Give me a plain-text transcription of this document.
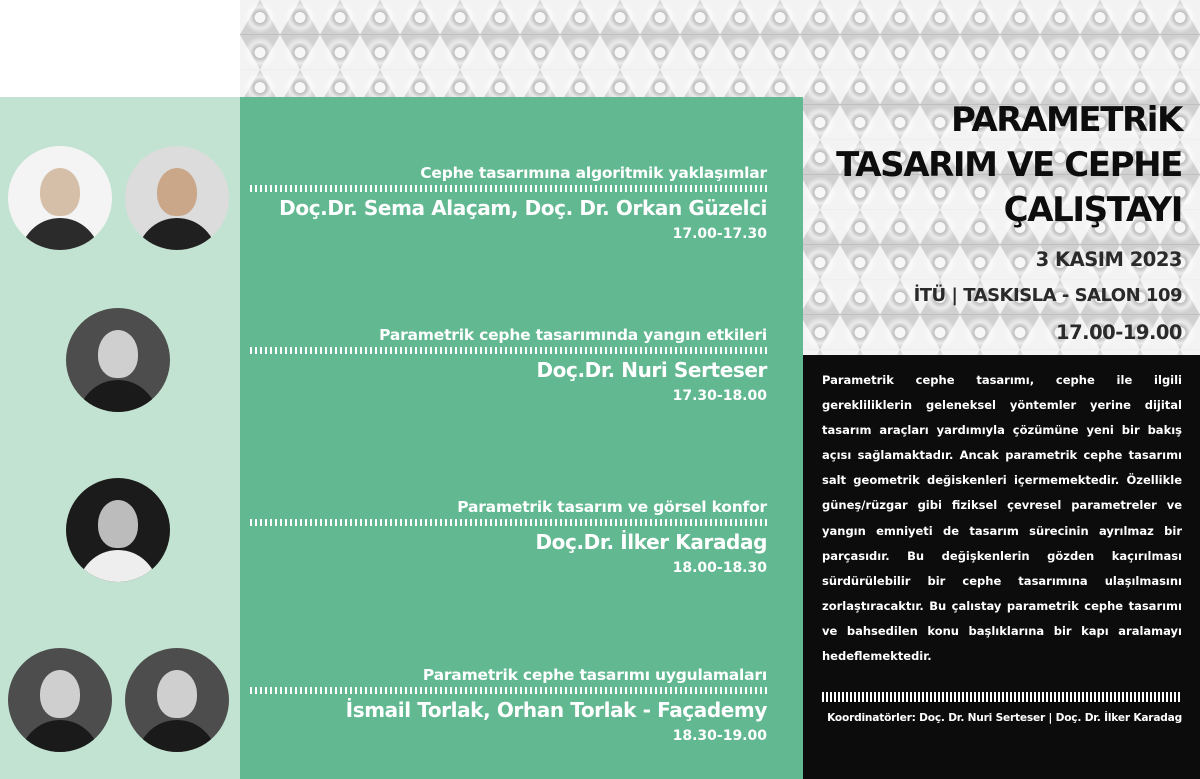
Cephe tasarımına algoritmik yaklaşımlar
Doç.Dr. Sema Alaçam, Doç. Dr. Orkan Güzelci
17.00-17.30
Parametrik cephe tasarımında yangın etkileri
Doç.Dr. Nuri Serteser
17.30-18.00
Parametrik tasarım ve görsel konfor
Doç.Dr. İlker Karadag
18.00-18.30
Parametrik cephe tasarımı uygulamaları
İsmail Torlak, Orhan Torlak - Façademy
18.30-19.00
PARAMETRiK
TASARIM VE CEPHE
ÇALIŞTAYI
3 KASIM 2023
İTÜ | TASKISLA - SALON 109
17.00-19.00
Parametrik cephe tasarımı, cephe ile ilgili gerekliliklerin geleneksel yöntemler yerine dijital tasarım araçları yardımıyla çözümüne yeni bir bakış açısı sağlamaktadır. Ancak parametrik cephe tasarımı salt geometrik değiskenleri içermemektedir. Özellikle güneş/rüzgar gibi fiziksel çevresel parametreler ve yangın emniyeti de tasarım sürecinin ayrılmaz bir parçasıdır. Bu değişkenlerin gözden kaçırılması sürdürülebilir bir cephe tasarımına ulaşılmasını zorlaştıracaktır. Bu çalıstay parametrik cephe tasarımı ve bahsedilen konu başlıklarına bir kapı aralamayı hedeflemektedir.
Koordinatörler: Doç. Dr. Nuri Serteser | Doç. Dr. İlker Karadag
